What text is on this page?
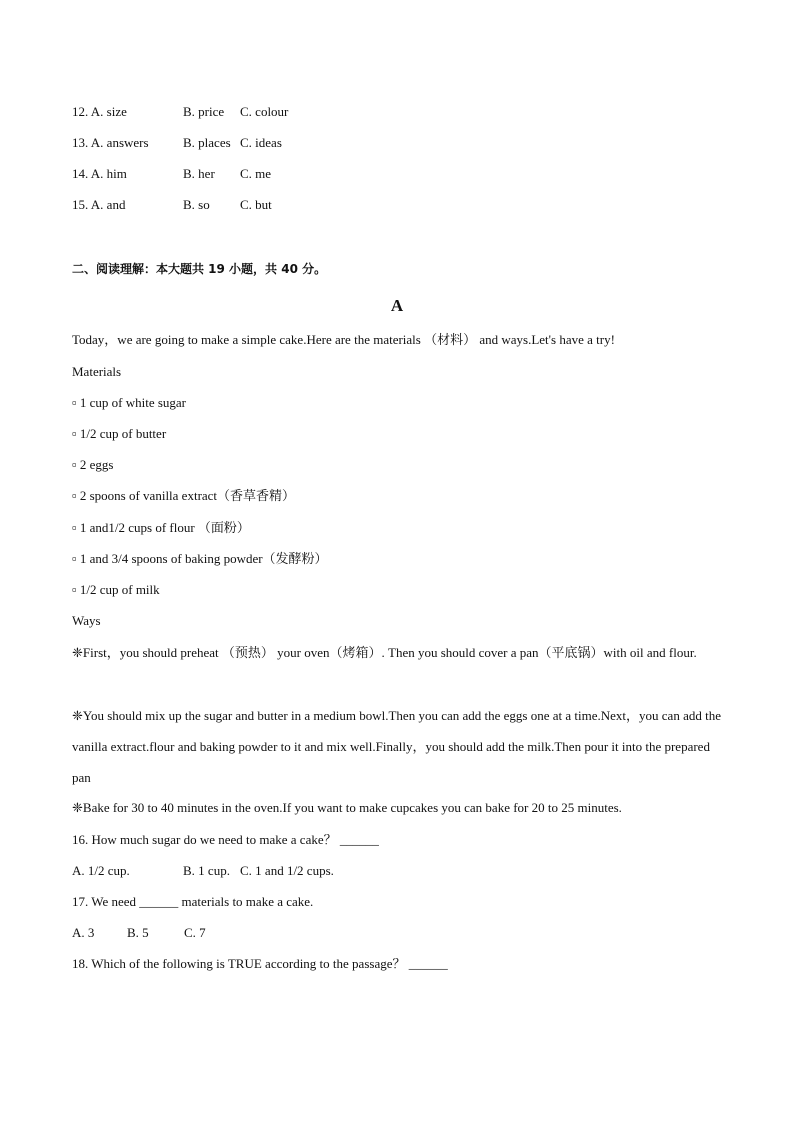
12. A. size	B. price C. colour
13. A. answers	B. places C. ideas
14. A. him	B. her C. me
15. A. and	B. so C. but
二、阅读理解：本大题共 19 小题，共 40 分。
A
Today，we are going to make a simple cake.Here are the materials （材料） and ways.Let's have a try!
Materials
▫ 1 cup of white sugar
▫ 1/2 cup of butter
▫ 2 eggs
▫ 2 spoons of vanilla extract（香草香精）
▫ 1 and1/2 cups of flour （面粉）
▫ 1 and 3/4 spoons of baking powder（发酵粉）
▫ 1/2 cup of milk
Ways
❈First，you should preheat （预热） your oven（烤箱）. Then you should cover a pan（平底锅）with oil and flour.
❈You should mix up the sugar and butter in a medium bowl.Then you can add the eggs one at a time.Next，you can add the vanilla extract.flour and baking powder to it and mix well.Finally，you should add the milk.Then pour it into the prepared pan
❈Bake for 30 to 40 minutes in the oven.If you want to make cupcakes you can bake for 20 to 25 minutes.
16. How much sugar do we need to make a cake？ ______
A. 1/2 cup.	B. 1 cup. C. 1 and 1/2 cups.
17. We need ______ materials to make a cake.
A. 3	B. 5	C. 7
18. Which of the following is TRUE according to the passage？ ______
